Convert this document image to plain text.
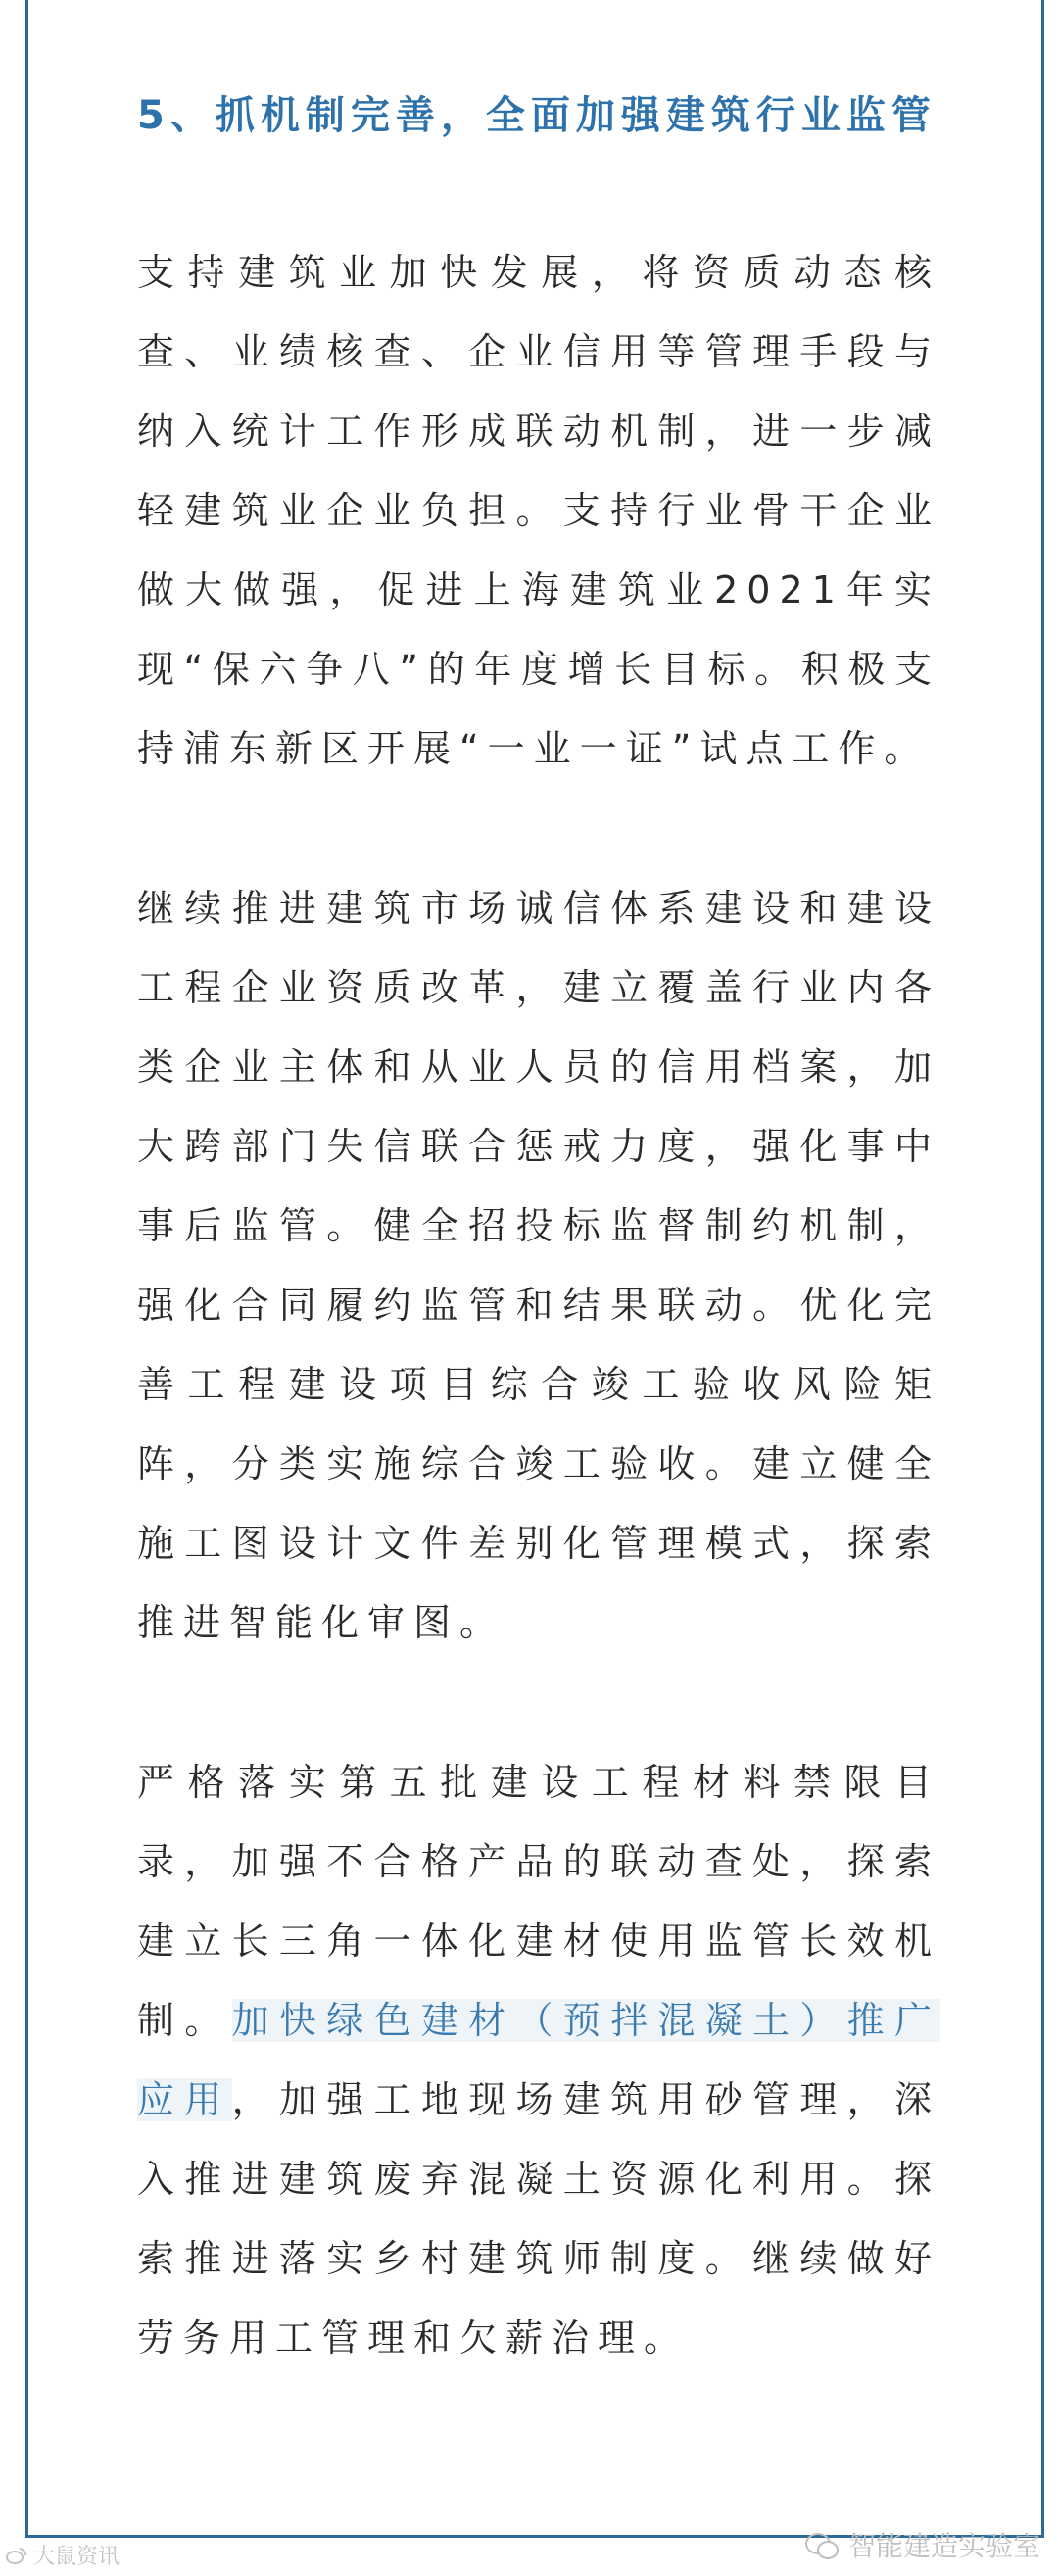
5、抓机制完善，全面加强建筑行业监管

支持建筑业加快发展，将资质动态核查、业绩核查、企业信用等管理手段与纳入统计工作形成联动机制，进一步减轻建筑业企业负担。支持行业骨干企业做大做强，促进上海建筑业2021年实现“保六争八”的年度增长目标。积极支持浦东新区开展“一业一证”试点工作。

继续推进建筑市场诚信体系建设和建设工程企业资质改革，建立覆盖行业内各类企业主体和从业人员的信用档案，加大跨部门失信联合惩戒力度，强化事中事后监管。健全招投标监督制约机制，强化合同履约监管和结果联动。优化完善工程建设项目综合竣工验收风险矩阵，分类实施综合竣工验收。建立健全施工图设计文件差别化管理模式，探索推进智能化审图。

严格落实第五批建设工程材料禁限目录，加强不合格产品的联动查处，探索建立长三角一体化建材使用监管长效机制。加快绿色建材（预拌混凝土）推广应用，加强工地现场建筑用砂管理，深入推进建筑废弃混凝土资源化利用。探索推进落实乡村建筑师制度。继续做好劳务用工管理和欠薪治理。

智能建造实验室
大鼠资讯
